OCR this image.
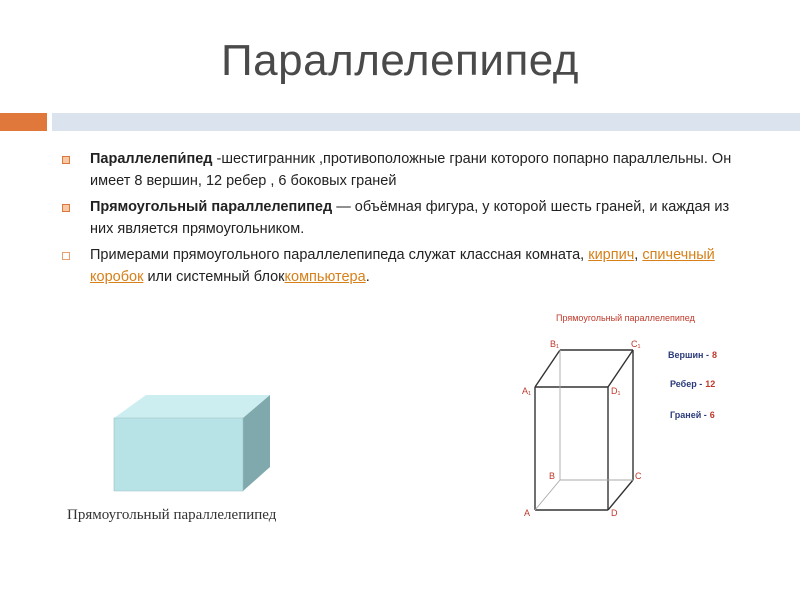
Параллелепипед
Параллелепи́пед -шестигранник ,противоположные грани которого попарно параллельны. Он имеет 8 вершин, 12 ребер , 6 боковых граней
Прямоугольный параллелепипед — объёмная фигура, у которой шесть граней, и каждая из них является прямоугольником.
Примерами прямоугольного параллелепипеда служат классная комната, кирпич, спичечный коробок или системный блоккомпьютера.
Прямоугольный параллелепипед
Прямоугольный параллелепипед
B₁	C₁
A₁	D₁
B	C
A	D
Вершин - 8
Ребер - 12
Граней - 6
